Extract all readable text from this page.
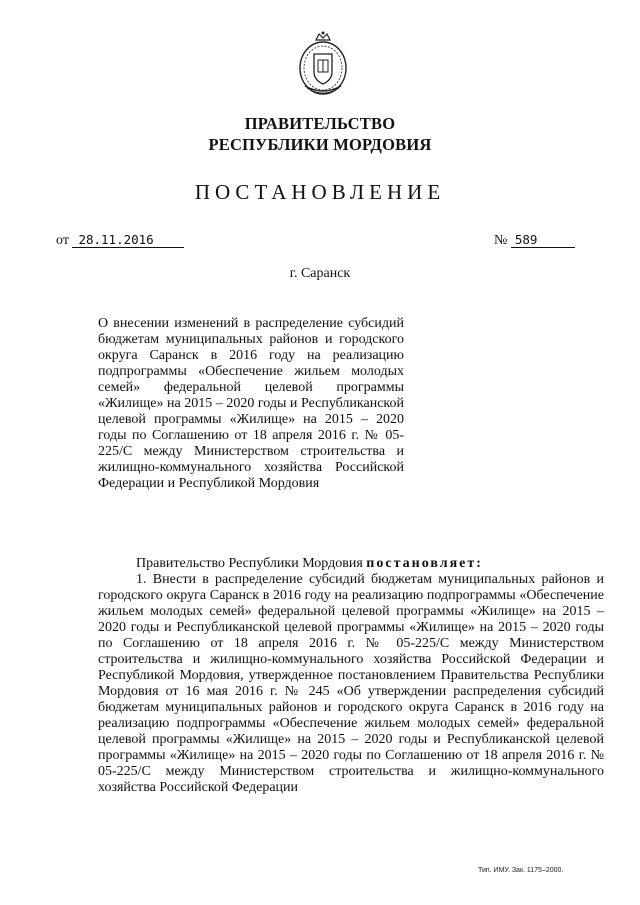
ПРАВИТЕЛЬСТВО
РЕСПУБЛИКИ МОРДОВИЯ
ПОСТАНОВЛЕНИЕ
от 28.11.2016	№ 589
г. Саранск
О внесении изменений в распределение субсидий бюджетам муниципальных районов и городского округа Саранск в 2016 году на реализацию подпрограммы «Обеспечение жильем молодых семей» федеральной целевой программы «Жилище» на 2015 – 2020 годы и Республиканской целевой программы «Жилище» на 2015 – 2020 годы по Соглашению от 18 апреля 2016 г. № 05-225/С между Министерством строительства и жилищно-коммунального хозяйства Российской Федерации и Республикой Мордовия

Правительство Республики Мордовия постановляет:

1. Внести в распределение субсидий бюджетам муниципальных районов и городского округа Саранск в 2016 году на реализацию подпрограммы «Обеспечение жильем молодых семей» федеральной целевой программы «Жилище» на 2015 – 2020 годы и Республиканской целевой программы «Жилище» на 2015 – 2020 годы по Соглашению от 18 апреля 2016 г. № 05-225/С между Министерством строительства и жилищно-коммунального хозяйства Российской Федерации и Республикой Мордовия, утвержденное постановлением Правительства Республики Мордовия от 16 мая 2016 г. № 245 «Об утверждении распределения субсидий бюджетам муниципальных районов и городского округа Саранск в 2016 году на реализацию подпрограммы «Обеспечение жильем молодых семей» федеральной целевой программы «Жилище» на 2015 – 2020 годы и Республиканской целевой программы «Жилище» на 2015 – 2020 годы по Соглашению от 18 апреля 2016 г. № 05-225/С между Министерством строительства и жилищно-коммунального хозяйства Российской Федерации

Тип. ИМУ. Зак. 1175–2000.
